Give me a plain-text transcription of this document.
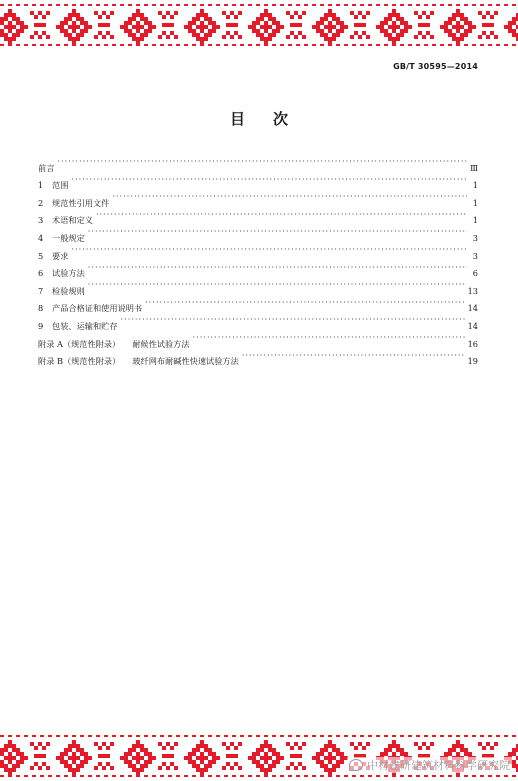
GB/T 30595—2014
目次
前言 ·····	Ⅲ
1	范围 ·····	1
2	规范性引用文件 ·····	1
3	术语和定义 ·····	1
4	一般规定 ·····	3
5	要求 ·····	3
6	试验方法 ·····	6
7	检验规则 ·····	13
8	产品合格证和使用说明书 ·····	14
9	包装、运输和贮存 ·····	14
附录 A（规范性附录） 耐候性试验方法 ·····	16
附录 B（规范性附录） 玻纤网布耐碱性快速试验方法 ·····	19
中材建研建筑材料科学研究院
